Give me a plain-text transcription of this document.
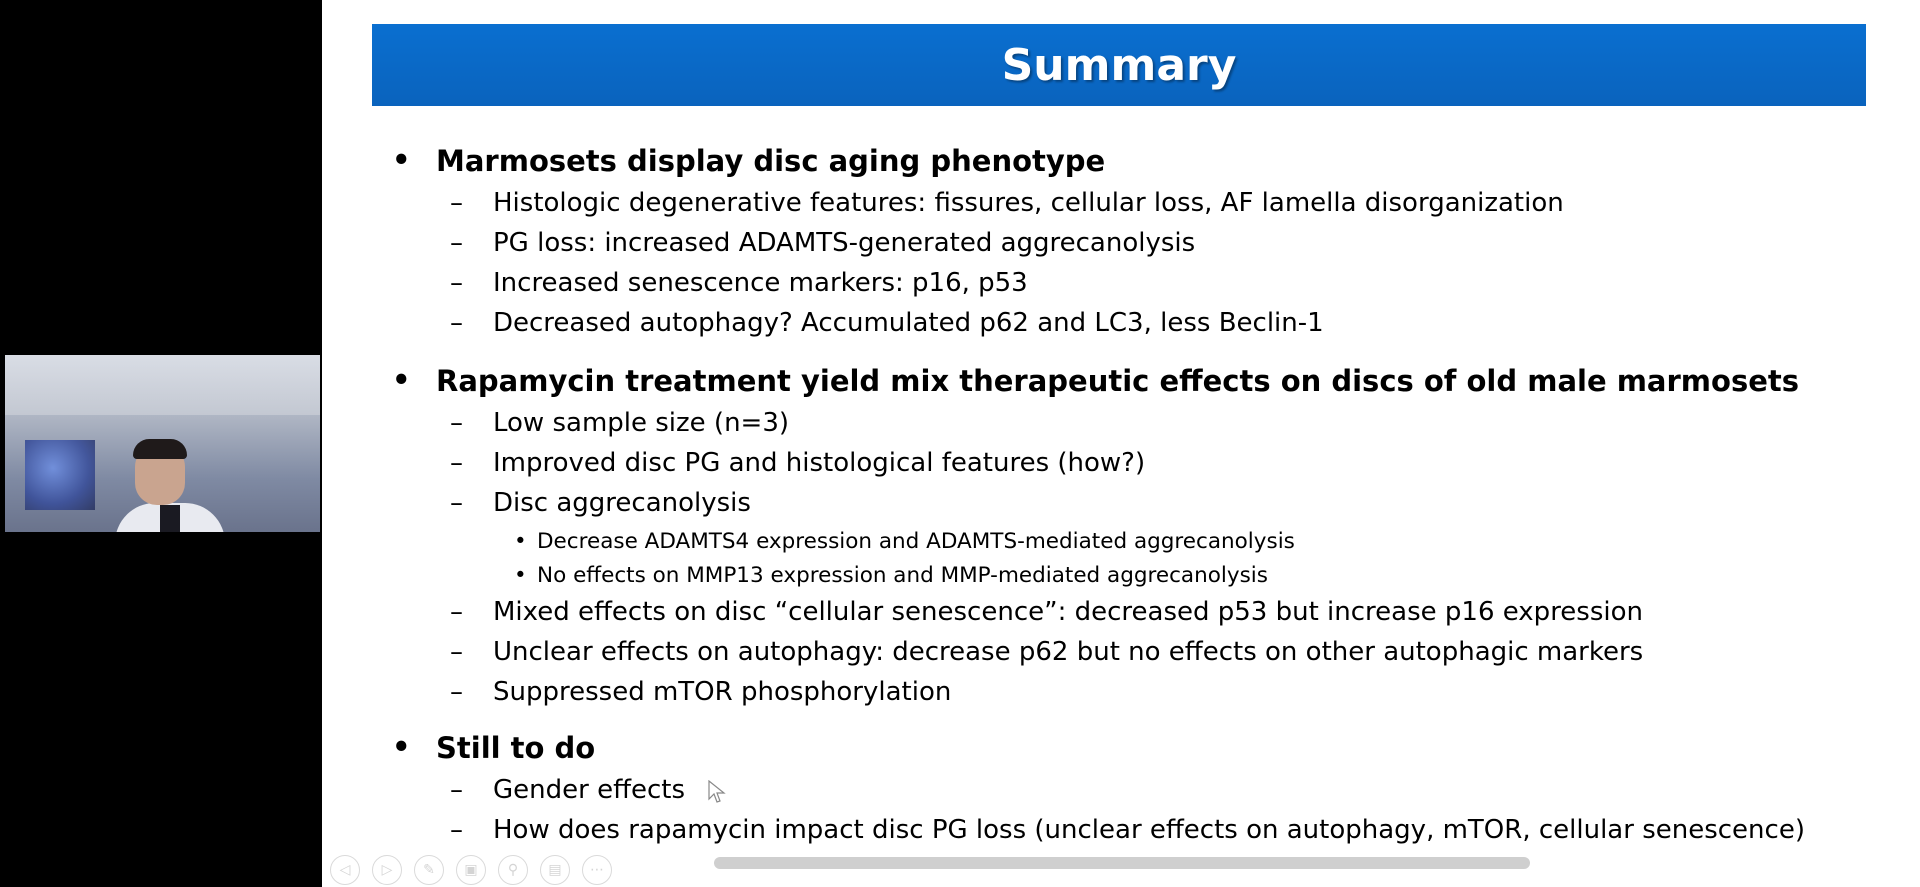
Summary
• Marmosets display disc aging phenotype
– Histologic degenerative features: fissures, cellular loss, AF lamella disorganization
– PG loss: increased ADAMTS-generated aggrecanolysis
– Increased senescence markers: p16, p53
– Decreased autophagy? Accumulated p62 and LC3, less Beclin-1
• Rapamycin treatment yield mix therapeutic effects on discs of old male marmosets
– Low sample size (n=3)
– Improved disc PG and histological features (how?)
– Disc aggrecanolysis
• Decrease ADAMTS4 expression and ADAMTS-mediated aggrecanolysis
• No effects on MMP13 expression and MMP-mediated aggrecanolysis
– Mixed effects on disc “cellular senescence”: decreased p53 but increase p16 expression
– Unclear effects on autophagy: decrease p62 but no effects on other autophagic markers
– Suppressed mTOR phosphorylation
• Still to do
– Gender effects
– How does rapamycin impact disc PG loss (unclear effects on autophagy, mTOR, cellular senescence)
◁	▷	✎	▣	⚲	▤	⋯
